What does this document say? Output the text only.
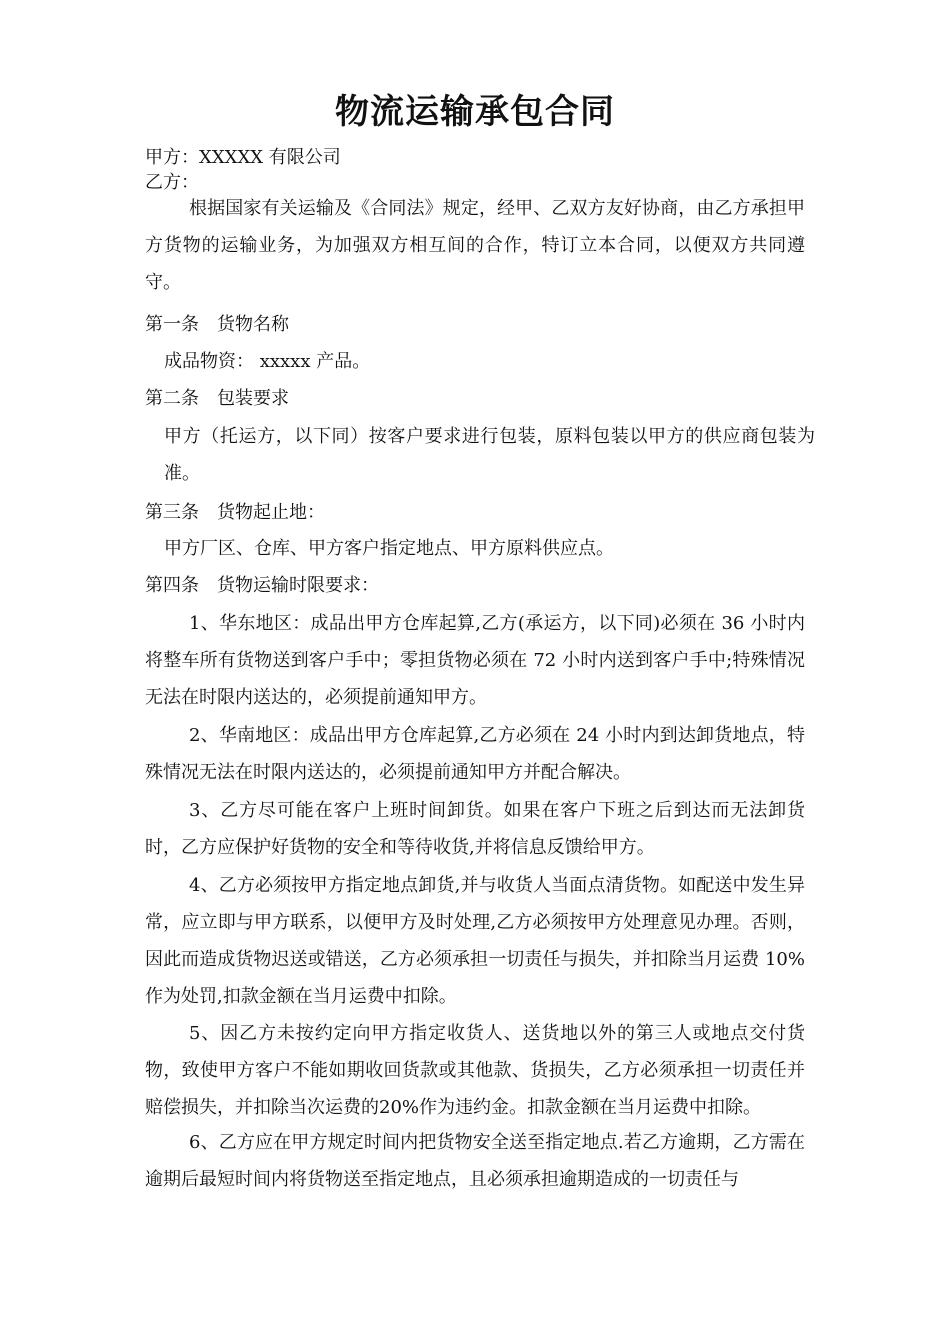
物流运输承包合同
甲方：XXXXX 有限公司
乙方：
根据国家有关运输及《合同法》规定，经甲、乙双方友好协商，由乙方承担甲方货物的运输业务，为加强双方相互间的合作，特订立本合同，以便双方共同遵守。
第一条　货物名称
成品物资： xxxxx 产品。
第二条　包装要求
甲方（托运方，以下同）按客户要求进行包装，原料包装以甲方的供应商包装为准。
第三条　货物起止地：
甲方厂区、仓库、甲方客户指定地点、甲方原料供应点。
第四条　货物运输时限要求：
1、华东地区：成品出甲方仓库起算,乙方(承运方，以下同)必须在 36 小时内将整车所有货物送到客户手中；零担货物必须在 72 小时内送到客户手中;特殊情况无法在时限内送达的，必须提前通知甲方。
2、华南地区：成品出甲方仓库起算,乙方必须在 24 小时内到达卸货地点，特殊情况无法在时限内送达的，必须提前通知甲方并配合解决。
3、乙方尽可能在客户上班时间卸货。如果在客户下班之后到达而无法卸货时，乙方应保护好货物的安全和等待收货,并将信息反馈给甲方。
4、乙方必须按甲方指定地点卸货,并与收货人当面点清货物。如配送中发生异常，应立即与甲方联系，以便甲方及时处理,乙方必须按甲方处理意见办理。否则，因此而造成货物迟送或错送，乙方必须承担一切责任与损失，并扣除当月运费 10%作为处罚,扣款金额在当月运费中扣除。
5、因乙方未按约定向甲方指定收货人、送货地以外的第三人或地点交付货物，致使甲方客户不能如期收回货款或其他款、货损失，乙方必须承担一切责任并赔偿损失，并扣除当次运费的20%作为违约金。扣款金额在当月运费中扣除。
6、乙方应在甲方规定时间内把货物安全送至指定地点.若乙方逾期，乙方需在逾期后最短时间内将货物送至指定地点，且必须承担逾期造成的一切责任与
